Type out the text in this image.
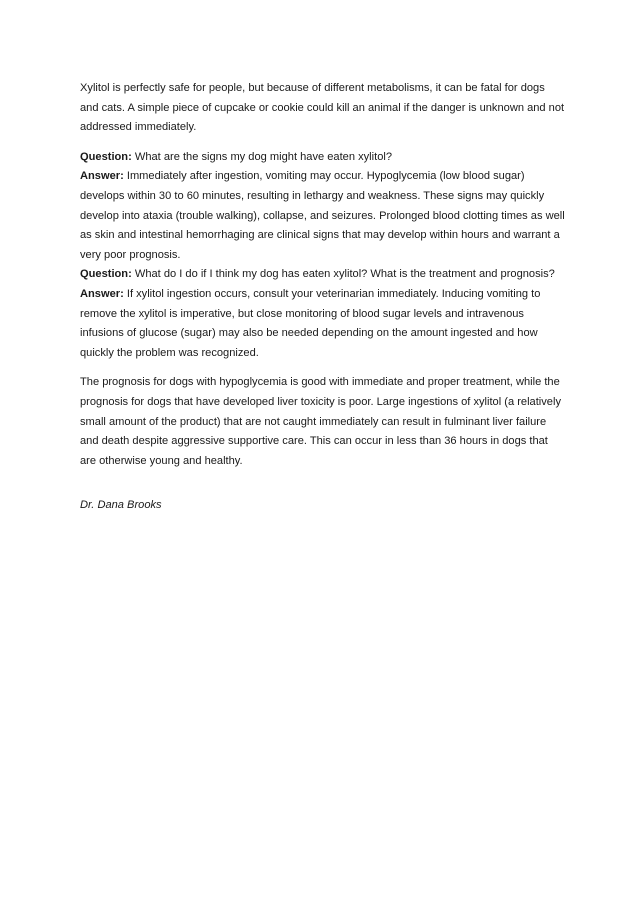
Xylitol is perfectly safe for people, but because of different metabolisms, it can be fatal for dogs and cats. A simple piece of cupcake or cookie could kill an animal if the danger is unknown and not addressed immediately.

Question: What are the signs my dog might have eaten xylitol?

Answer: Immediately after ingestion, vomiting may occur. Hypoglycemia (low blood sugar) develops within 30 to 60 minutes, resulting in lethargy and weakness. These signs may quickly develop into ataxia (trouble walking), collapse, and seizures. Prolonged blood clotting times as well as skin and intestinal hemorrhaging are clinical signs that may develop within hours and warrant a very poor prognosis.

Question: What do I do if I think my dog has eaten xylitol? What is the treatment and prognosis?

Answer: If xylitol ingestion occurs, consult your veterinarian immediately. Inducing vomiting to remove the xylitol is imperative, but close monitoring of blood sugar levels and intravenous infusions of glucose (sugar) may also be needed depending on the amount ingested and how quickly the problem was recognized.

The prognosis for dogs with hypoglycemia is good with immediate and proper treatment, while the prognosis for dogs that have developed liver toxicity is poor. Large ingestions of xylitol (a relatively small amount of the product) that are not caught immediately can result in fulminant liver failure and death despite aggressive supportive care. This can occur in less than 36 hours in dogs that are otherwise young and healthy.

Dr. Dana Brooks
